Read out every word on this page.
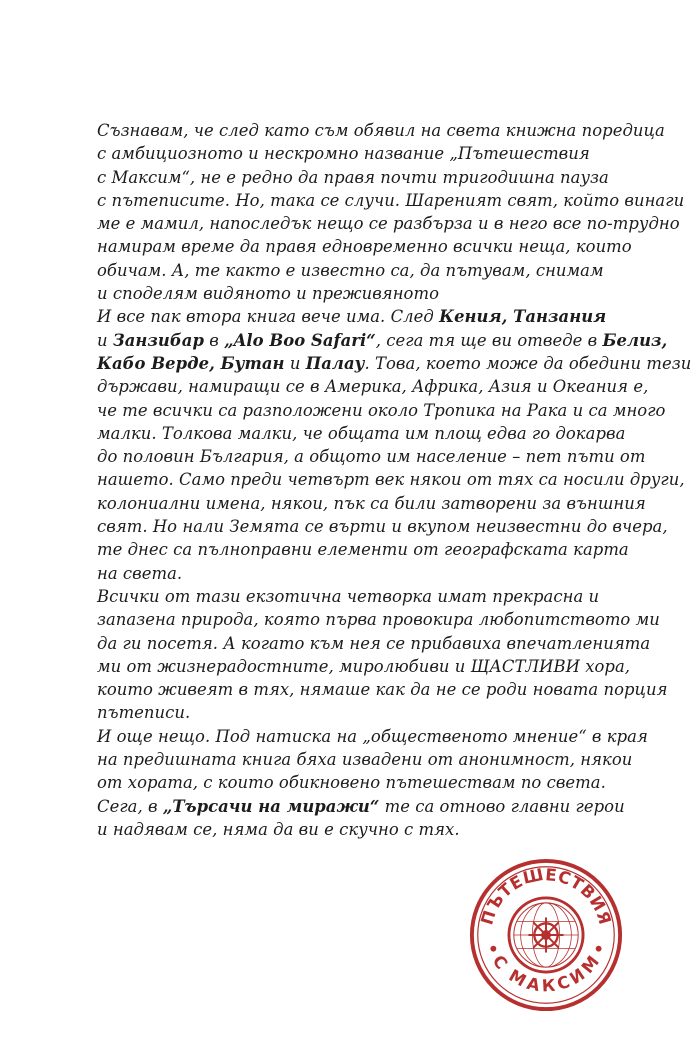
Съзнавам, че след като съм обявил на света книжна поредица
с амбициозното и нескромно название „Пътешествия
с Максим“, не е редно да правя почти тригодишна пауза
с пътеписите. Но, така се случи. Шареният свят, който винаги
ме е мамил, напоследък нещо се разбърза и в него все по-трудно
намирам време да правя едновременно всички неща, които
обичам. А, те както е известно са, да пътувам, снимам
и споделям видяното и преживяното
И все пак втора книга вече има. След Кения, Танзания
и Занзибар в „Alo Boo Safari“, сега тя ще ви отведе в Белиз,
Кабо Верде, Бутан и Палау. Това, което може да обедини тези
държави, намиращи се в Америка, Африка, Азия и Океания е,
че те всички са разположени около Тропика на Рака и са много
малки. Толкова малки, че общата им площ едва го докарва
до половин България, а общото им население – пет пъти от
нашето. Само преди четвърт век някои от тях са носили други,
колониални имена, някои, пък са били затворени за външния
свят. Но нали Земята се върти и вкупом неизвестни до вчера,
те днес са пълноправни елементи от географската карта
на света.
Всички от тази екзотична четворка имат прекрасна и
запазена природа, която първа провокира любопитството ми
да ги посетя. А когато към нея се прибавиха впечатленията
ми от жизнерадостните, миролюбиви и ЩАСТЛИВИ хора,
които живеят в тях, нямаше как да не се роди новата порция
пътеписи.
И още нещо. Под натиска на „общественото мнение“ в края
на предишната книга бяха извадени от анонимност, някои
от хората, с които обикновено пътешествам по света.
Сега, в „Търсачи на миражи“ те са отново главни герои
и надявам се, няма да ви е скучно с тях.
ПЪТЕШЕСТВИЯ
С МАКСИМ
